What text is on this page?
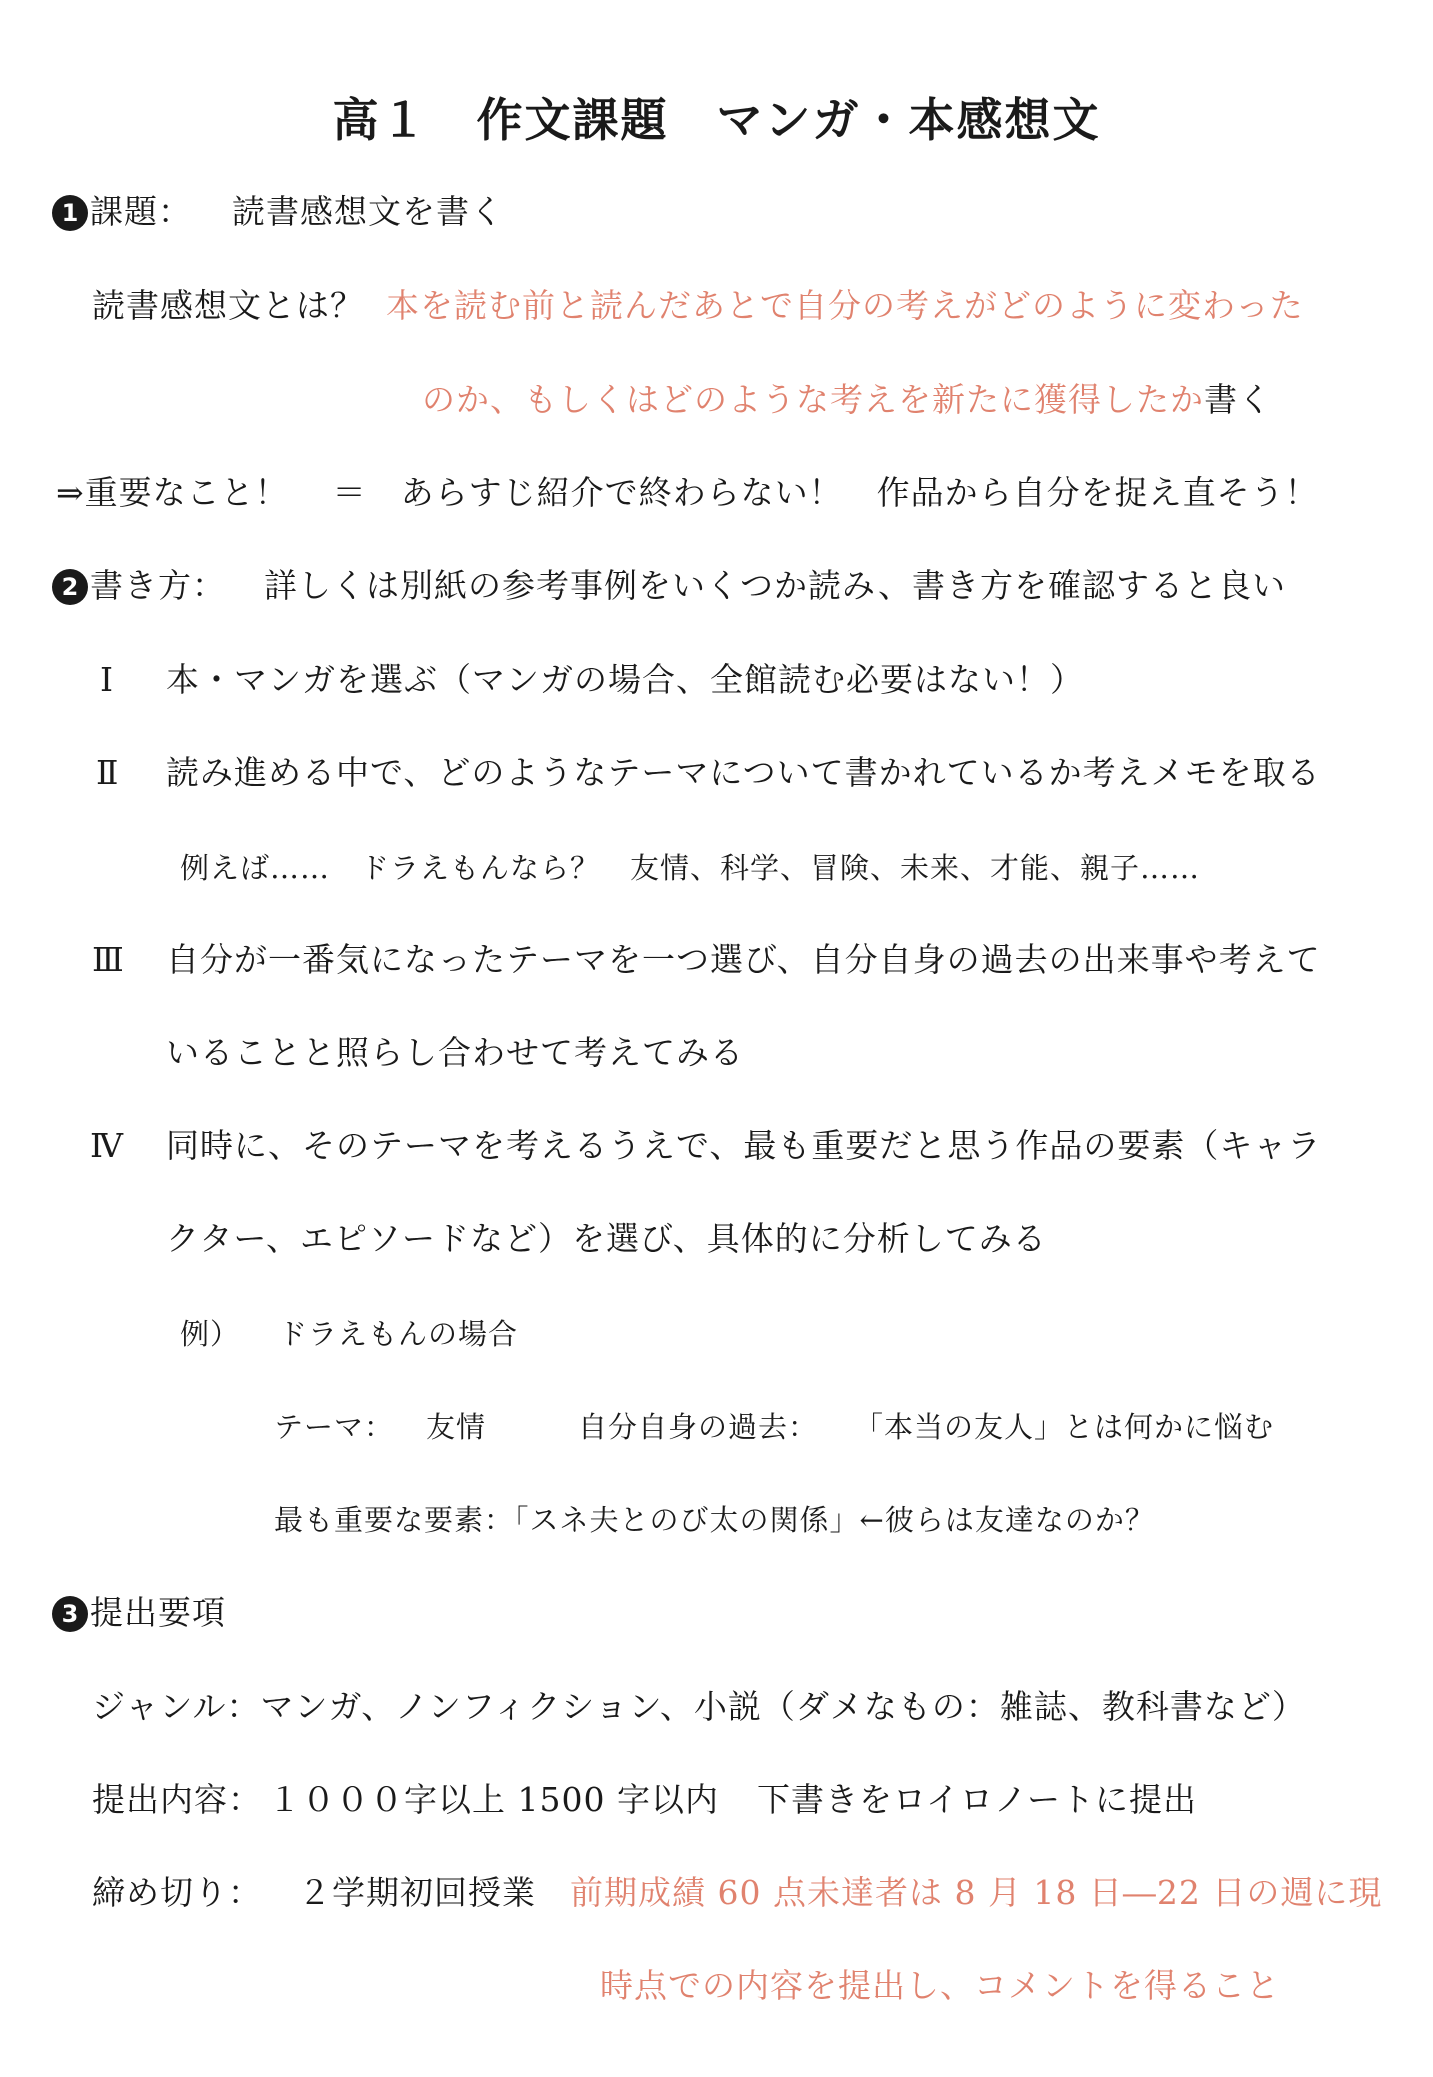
高１　作文課題 マンガ・本感想文
1 課題： 読書感想文を書く
読書感想文とは？ 本を読む前と読んだあとで自分の考えがどのように変わった
のか、もしくはどのような考えを新たに獲得したか書く
⇒重要なこと！ ＝ あらすじ紹介で終わらない！ 作品から自分を捉え直そう！
2 書き方： 詳しくは別紙の参考事例をいくつか読み、書き方を確認すると良い
Ⅰ 本・マンガを選ぶ（マンガの場合、全館読む必要はない！）
Ⅱ 読み進める中で、どのようなテーマについて書かれているか考えメモを取る
例えば…… ドラえもんなら？ 友情、科学、冒険、未来、才能、親子……
Ⅲ 自分が一番気になったテーマを一つ選び、自分自身の過去の出来事や考えて
いることと照らし合わせて考えてみる
Ⅳ 同時に、そのテーマを考えるうえで、最も重要だと思う作品の要素（キャラ
クター、エピソードなど）を選び、具体的に分析してみる
例） ドラえもんの場合
テーマ： 友情	自分自身の過去： 「本当の友人」とは何かに悩む
最も重要な要素：「スネ夫とのび太の関係」←彼らは友達なのか？
3 提出要項
ジャンル：マンガ、ノンフィクション、小説（ダメなもの：雑誌、教科書など）
提出内容： １０００字以上 1500 字以内 下書きをロイロノートに提出
締め切り： ２学期初回授業 前期成績 60 点未達者は 8 月 18 日―22 日の週に現
時点での内容を提出し、コメントを得ること
